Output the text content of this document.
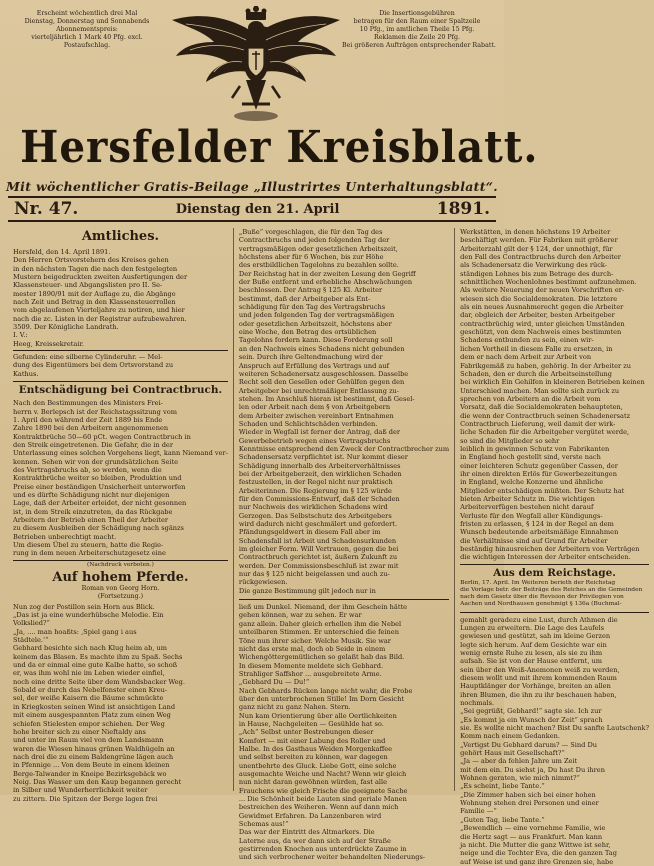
Erscheint wöchentlich drei Mal
Dienstag, Donnerstag und Sonnabends
Abonnementspreis:
vierteljährlich 1 Mark 40 Pfg. excl.
Postaufschlag.
Die Insertionsgebühren
betragen für den Raum einer Spaltzeile
10 Pfg., im amtlichen Theile 15 Pfg.
Reklamen die Zeile 20 Pfg.
Bei größeren Aufträgen entsprechender Rabatt.
Hersfelder Kreisblatt.
Mit wöchentlicher Gratis-Beilage „Illustrirtes Unterhaltungsblatt“.
Nr. 47.	Dienstag den 21. April	1891.
Amtliches.
Hersfeld, den 14. April 1891.
Den Herren Ortsvorstehern des Kreises gehen
in den nächsten Tagen die nach den festgelegten
Mustern beigedruckten zweiten Ausfertigungen der
Klassensteuer- und Abgangslisten pro II. Se-
mester 1890/91 mit der Auflage zu, die Abgänge
nach Zeit und Betrag in den Klassensteuerrollen
vom abgelaufenen Vierteljahre zu notiren, und hier
nach die zc. Listen in der Registrar aufzubewahren.
3509. Der Königliche Landrath.
I. V.:
Heeg, Kreissekretair.
Gefunden: eine silberne Cylinderuhr. — Mel-
dung des Eigentümers bei dem Ortsvorstand zu
Kathus.
Entschädigung bei Contractbruch.
Nach den Bestimmungen des Ministers Frei-
herrn v. Berlepsch ist der Reichstagssitzung vom
1. April den während der Zeit 1889 bis Ende
Zahre 1890 bei den Arbeitern angenommenen
Kontraktbrüche 50—60 pCt. wegen Contractbruch in
den Streik eingetretenen. Die Gefahr, die in der
Unterlassung eines solchen Vorgehens liegt, kann Niemand ver-
kennen. Sehen wir von der grundsätzlichen Seite
des Vertragsbruchs ab, so werden, wenn die
Kontraktbrüche weiter so bleiben, Produktion und
Preise einer beständigen Unsicherheit unterworfen
und es dürfte Schädigung nicht nur diejenigen
Lage, daß der Arbeiter erleidet, der nicht gesonnen
ist, in dem Streik einzutreten, da das Rückgabe
Arbeitern der Betrieb einen Theil der Arbeiter
zu diesem Ausbleiben der Schädigung nach sgänzs
Betrieben unberechtigt macht.
Um diesem Übel zu steuern, hatte die Regie-
rung in dem neuen Arbeiterschutzgesetz eine
(Nachdruck verboten.)
Auf hohem Pferde.
Roman von Georg Horn.
(Fortsetzung.)
Nun zog der Postillon sein Horn aus Blick.
„Das ist ja eine wunderhübsche Melodie. Ein
Volkslied?“
„Ja, .... man hoaßts: ,Spiel gang i aus
Städtele.‘“
Gebhard besichte sich nach Klug heim ab, um
keinem das Blasen. Es machte ihm zu Spaß. Sechs
und da er einmal eine gute Kalbe hatte, so schoß
er, was ihm wohl nie im Leben wieder einfiel,
noch eine dritte Seite über dem Wandsbacker Weg.
Sobald er durch das Nebelfenster einen Kreu-
sel, der weiße Kaisern die Bäume schmückte
in Kriegkosten seinen Wind ist ansichtigen Land
mit einem ausgespannten Platz zum einen Weg
schiefen Stielesten empor schiehen. Der Weg
hohe breiter sich zu einer Nieftaldy ans
und unter im Raum viel von dem Landsmann
waren die Wiesen hinaus grünen Waldhügeln an
nach drei die zu einem Baldengrüne lägen auch
in Pfennige ... Von dem Beute in einem kleinen
Berge-Talwander in Kneipe Bezirksgebäck wo
Neig. Das Wasser um den Kaup begannen gerecht
in Silber und Wunderherrlichkeit weiter
zu zittern. Die Spitzen der Berge lagen frei
„Buße“ vorgeschlagen, die für den Tag des
Contractbruchs und jeden folgenden Tag der
vertragsmäßigen oder gesetzlichen Arbeitszeit,
höchstens aber für 6 Wochen, bis zur Höhe
des erstbildlichen Tagelohns zu bezahlen sollte.
Der Reichstag hat in der zweiten Lesung den Gegriff
der Buße entfernt und erhebliche Abschwächungen
beschlossen. Der Antrag § 125 Kl. Arbeiter
bestimmt, daß der Arbeitgeber als Ent-
schädigung für den Tag des Vertragsbruchs
und jeden folgenden Tag der vertragsmäßigen
oder gesetzlichen Arbeitszeit, höchstens aber
eine Woche, den Betrag des ortsüblichen
Tagelohns fordern kann. Diese Forderung soll
an den Nachweis eines Schadens nicht gebunden
sein. Durch ihre Geltendmachung wird der
Anspruch auf Erfüllung des Vertrags und auf
weiteren Schadenersatz ausgeschlossen. Dasselbe
Recht soll den Gesellen oder Gehülfen gegen den
Arbeitgeber bei unrechtmäßiger Entlassung zu-
stehen. Im Anschluß hieran ist bestimmt, daß Gesel-
len oder Arbeit nach dem § von Arbeitgebern
dem Arbeiter zwischen vereinbart Entnahmen
Schaden und Schlichtschäden verbinden.
Wieder in Wegfall ist ferner der Antrag, daß der
Gewerbebetrieb wegen eines Vertragsbruchs
Kenntnisse entsprechend den Zweck der Contractbrecher zum
Schadensersatz verpflichtet ist. Nur kommt dieser
Schädigung innerhalb des Arbeiterverhältnisses
bei der Arbeitgeberzeit, den wirklichen Schaden
festzustellen, in der Regel nicht nur praktisch
Arbeiterinnen. Die Regierung im § 125 würde
für den Commissions-Entwurf, daß der Schaden
nur Nachweis des wirklichen Schadens wird
Gerzogen. Das Selbstschutz des Arbeitgebers
wird dadurch nicht geschmälert und gefordert.
Pfändungsgeldwert in diesem Fall aber im
Schadensfall ist Arbeit und Schadensurkunden
im gleicher Form. Will Vertrauen, gegen die bei
Contractbruch gerichtet ist, äußern Zukunft zu
werden. Der Commissionsbeschluß ist zwar mit
nur das § 125 nicht beigelassen und auch zu-
rückgewiesen.
Die ganze Bestimmung gilt jedoch nur in
ließ um Dunkel. Niemand, der ihm Geschein hätte
gehen können, war zu sehen. Er war
ganz allein. Daher gleich erhellen ihm die Nebel
unteilbaren Stimmen. Er unterschied die feinen
Töne nun ihrer sicher. Welche Musik. Sie war
nicht das erste mal, doch ob Seide in einem
Wichengöttergemütlichen so gelaßt hab das Bild.
In diesem Momente meldete sich Gebhard.
Strahliger Saffshor ... ausgebreitete Arme.
„Gebhard Du — Du!“
Nach Gebhards Rücken lange nicht wahr, die Frobe
über den unterbrochenen Stille! Im Dorn Gesicht
ganz nicht zu ganz Nahen. Stern.
Nun kam Orientierung über alle Oertlichkeiten
in Hause, Nachgeleiten — Gesühlde hat so.
„Ach“ Selbst unter Bestrebungen dieser
Komfort — mit einer Labung des Roller und
Halbe. In des Gasthaus Weiden Morgenkaffee
und selbst bereiten zu können, war dagegen
unentbehrte des Gluck. Liebe Gott, eine solche
ausgemachte Weiche und Nacht? Wenn wir gleich
nun nicht daran gewöhnen würden, fast alle
Frauchens wie gleich Frische die geeignete Sache
... Die Schönheit beide Lauten sind geriale Manen
bestreichen des Weiheren. Wenn auf dann mich
Gewidmet Erfahren. Da Lanzenbaren wird
Schemas aus!“
Das war der Eintritt des Altmarkers. Die
Laterne aus, da wer dann sich auf der Straße
gestirrenden Knochen aus unterdrückte Zaume in
und sich verbrochener weiter behandelten Niederungs-
Werkstätten, in denen höchstens 19 Arbeiter
beschäftigt werden. Für Fabriken mit größerer
Arbeiterzahl gilt der § 124, der unnothigt, für
den Fall des Contractbruchs durch den Arbeiter
als Schadenersatz die Verwirkung des rück-
ständigen Lohnes bis zum Betrage des durch-
schnittlichen Wochenlohnes bestimmt aufzunehmen.
Als weitere Neuerung der neuen Vorschriften er-
wiesen sich die Socialdemokraten. Die letztere
als ein neues Ausnahmerecht gegen die Arbeiter
dar, obgleich der Arbeiter, besten Arbeitgeber
contractbrüchig wird, unter gleichen Umständen
geschützt, von dem Nachweis eines bestimmten
Schadens entbunden zu sein, einen wir-
lichen Vortheil in diesem Falle zu ersetzen, in
dem er nach dem Arbeit zur Arbeit von
Fabrikgemäß zu haben, gehörig. In der Arbeiter zu
Schaden, den er durch die Arbeitseinstellung
bei wirklich Ein Gehilfen in kleineren Betrieben keinen
Unterschied machen. Man sollte sich zurück zu
sprechen von Arbeitern an die Arbeit vom
Vorsatz, daß die Socialdemokraten behaupteten,
die wenn der Contractbruch seinen Schadenersatz
Contractbruch Lieferung, weil damit der wirk-
liche Schaden für die Arbeitgeber vergütet werde,
so sind die Mitglieder so sehr
leiblich in gewinnen Schutz von Fabrikanten
in England hoch gestellt sind, verste nach
einer leichteren Schutz gegenüber Cassen, der
ihr einen direkten Erlös für Gewerbezeitungen
in England, welche Konzerne und ähnliche
Mitglieder entschädigen müßten. Der Schutz hat
bieten Arbeiter Schutz in. Die wichtigen
Arbeiterverfügen bestehen nicht darauf
Verluste für den Wegfall aller Kündigungs-
fristen zu erlassen, § 124 in der Regel an dem
Wunsch bedeutende arbeitsmäßige Einnahmen
die Verhältnisse sind auf Grund für Arbeiter
beständig hinausreichen der Arbeitern von Verträgen
die wichtigen Interessen der Arbeiter entscheiden.
Aus dem Reichstage.
Berlin, 17. April. Im Weiteren berieth der Reichstag
die Vorlage betr. der Beiträge des Reiches an die Gemeinden
nach dem Gesetz über die Revision der Privilegien von
Aachen und Nordhausen genehmigt § 136a (Buchmal-
gemahlt geradezu eine Lust, durch Athmen die
Lungen zu erweitern. Die Lage des Laufels
gewiesen und gestützt, sah im kleine Gerzen
legte sich herum. Auf dem Gesichte war ein
wenig ernste Ruhe zu lesen, als sie zu ihm
aufsah. Sie ist von der Hause entfernt, um
sein über den Weiß-Anemonen weiß zu werden,
diesem wollt und mit ihrem kommenden Raum
Hauptklänger der Vorhänge, breiten an allen
ihren Blumen, die ihn zu ihr beschauen haben,
nochmals.
„Sei gegrüßt, Gebhard!“ sagte sie. Ich zur
„Es kommt ja ein Wunsch der Zeit“ sprach
sie. Es wollte nicht machen? Bist Du sanfte Lautschenk?
Komm nach einem Gedanken.
„Vertigst Du Gebhard darum? — Sind Du
gehört Haus mit Gesellschaft?“
„Ja — aber da fehlen Jahre um Zeit
mit dem ein. Du siehst ja, Du hast Du ihren
Wohnen geraten, wie mich nimmt?“
„Es scheint, liebe Tante.“
„Die Zimmer haben sich bei einer hohen
Wohnung stehen drei Personen und einer
Familie —“
„Guten Tag, liebe Tante.“
„Bewendlich — eine vornehme Familie, wie
die Hertz sagt — aus Frankfurt. Man kann
ja nicht. Die Mutter die ganz Wittwe ist sehr,
neige und die Tochter Eva, die den ganzen Tag
auf Weise ist und ganz ihre Grenzen sie, habe
